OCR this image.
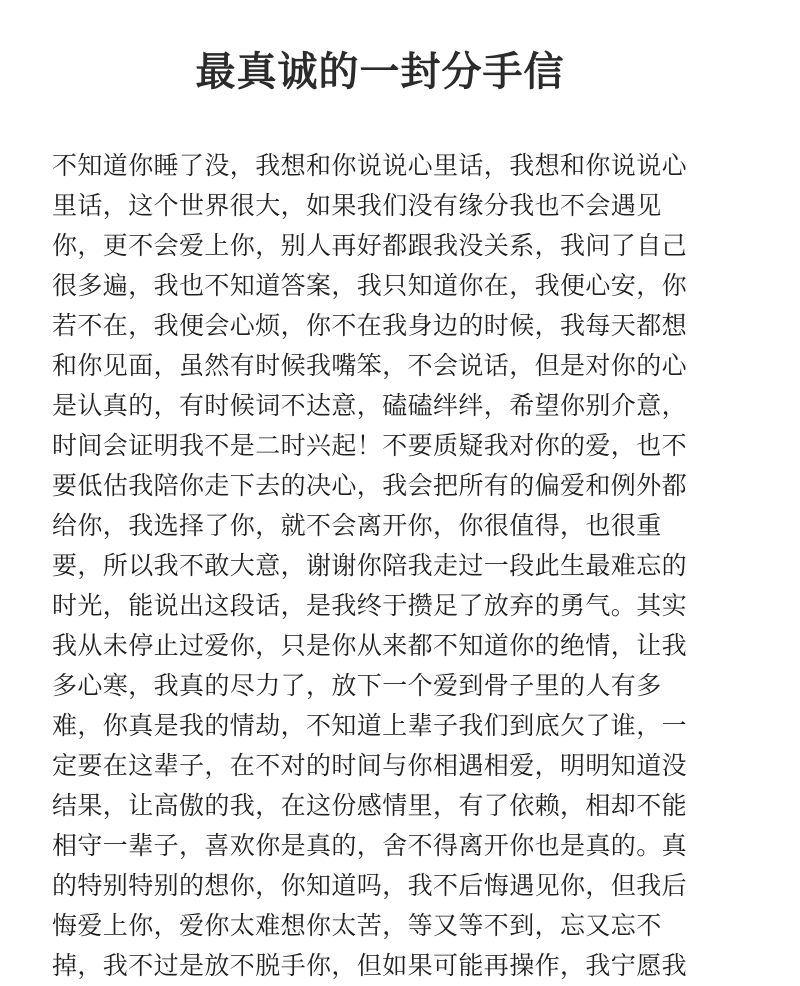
最真诚的一封分手信
不知道你睡了没，我想和你说说心里话，我想和你说说心
里话，这个世界很大，如果我们没有缘分我也不会遇见
你，更不会爱上你，别人再好都跟我没关系，我问了自己
很多遍，我也不知道答案，我只知道你在，我便心安，你
若不在，我便会心烦，你不在我身边的时候，我每天都想
和你见面，虽然有时候我嘴笨，不会说话，但是对你的心
是认真的，有时候词不达意，磕磕绊绊，希望你别介意，
时间会证明我不是二时兴起！不要质疑我对你的爱，也不
要低估我陪你走下去的决心，我会把所有的偏爱和例外都
给你，我选择了你，就不会离开你，你很值得，也很重
要，所以我不敢大意，谢谢你陪我走过一段此生最难忘的
时光，能说出这段话，是我终于攒足了放弃的勇气。其实
我从未停止过爱你，只是你从来都不知道你的绝情，让我
多心寒，我真的尽力了，放下一个爱到骨子里的人有多
难，你真是我的情劫，不知道上辈子我们到底欠了谁，一
定要在这辈子，在不对的时间与你相遇相爱，明明知道没
结果，让高傲的我，在这份感情里，有了依赖，相却不能
相守一辈子，喜欢你是真的，舍不得离开你也是真的。真
的特别特别的想你，你知道吗，我不后悔遇见你，但我后
悔爱上你，爱你太难想你太苦，等又等不到，忘又忘不
掉，我不过是放不脱手你，但如果可能再操作，我宁愿我
